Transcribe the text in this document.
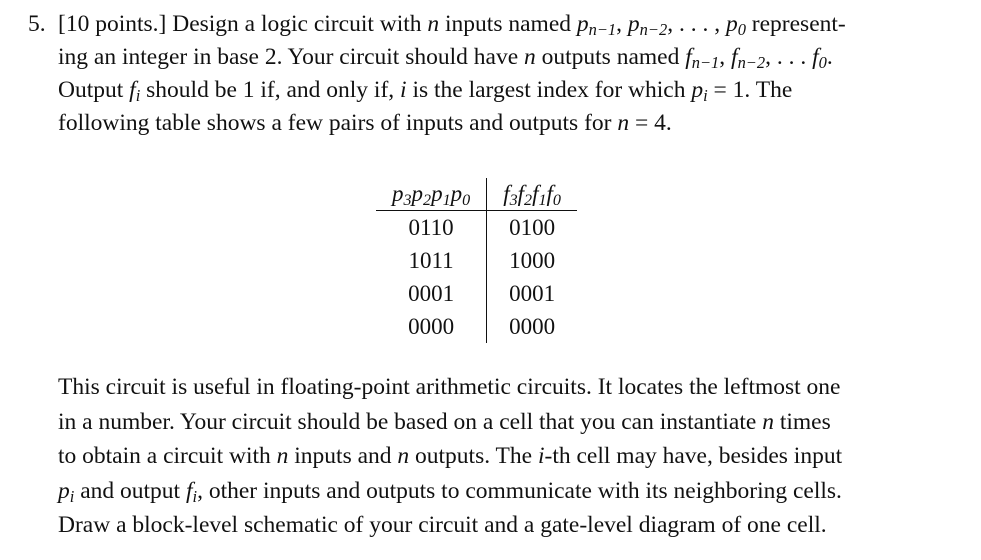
5. [10 points.] Design a logic circuit with n inputs named $p_{n-1}$, $p_{n-2}$, . . . , $p_0$ represent-
ing an integer in base 2. Your circuit should have n outputs named $f_{n-1}$, $f_{n-2}$, . . . $f_0$.
Output $f_i$ should be 1 if, and only if, i is the largest index for which $p_i = 1$. The
following table shows a few pairs of inputs and outputs for n = 4.
$p_3p_2p_1p_0$	$f_3f_2f_1f_0$
0110	0100
1011	1000
0001	0001
0000	0000
This circuit is useful in floating-point arithmetic circuits. It locates the leftmost one
in a number. Your circuit should be based on a cell that you can instantiate n times
to obtain a circuit with n inputs and n outputs. The i-th cell may have, besides input
$p_i$ and output $f_i$, other inputs and outputs to communicate with its neighboring cells.
Draw a block-level schematic of your circuit and a gate-level diagram of one cell.
